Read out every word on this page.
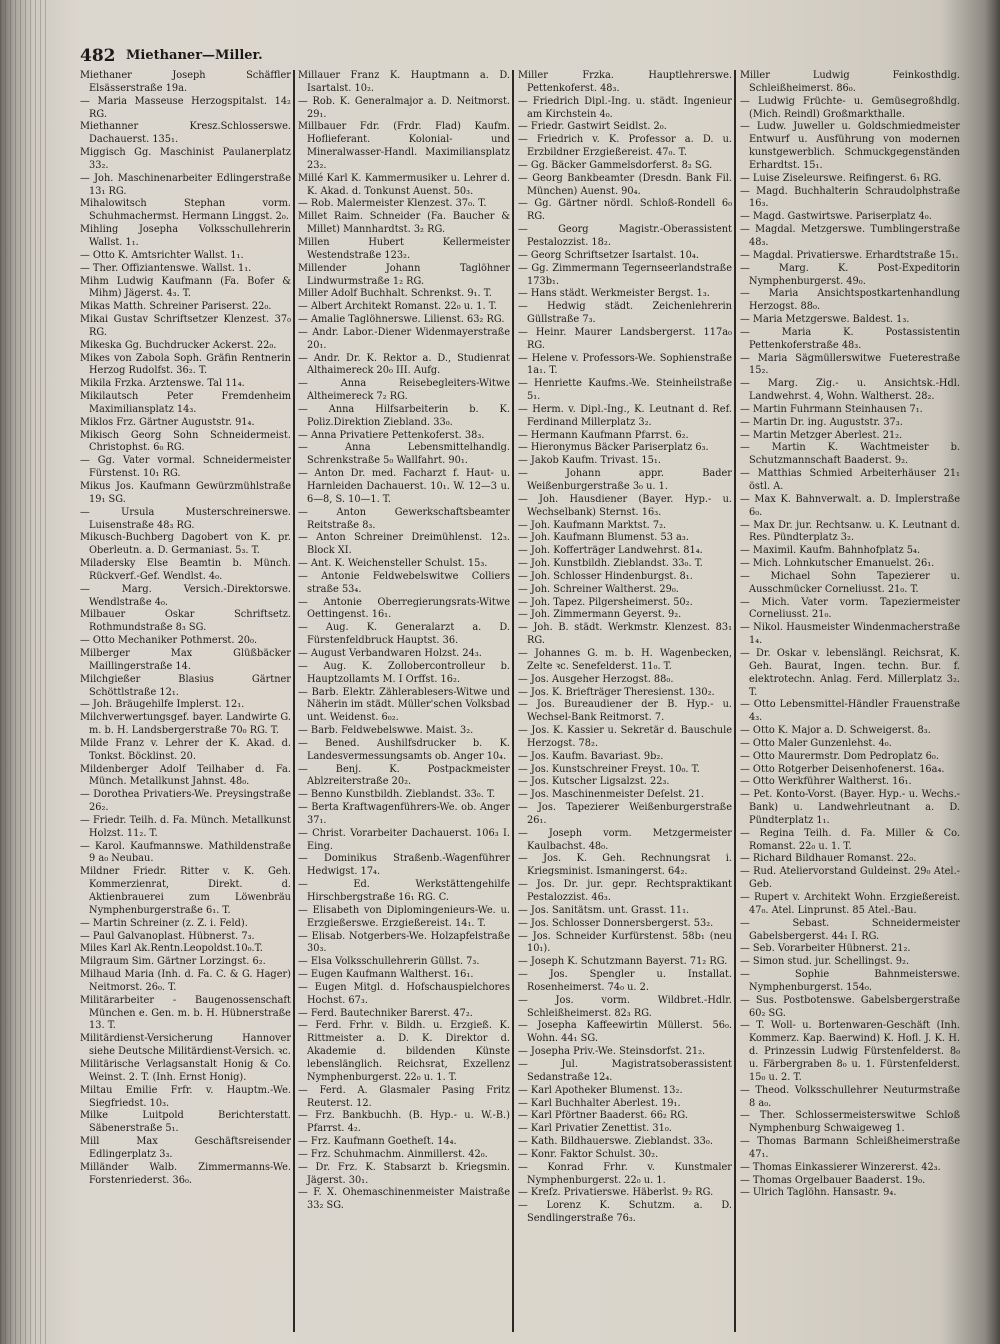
482 Miethaner—Miller.
Miethaner Joseph Schäffler Elsässerstraße 19a.
— Maria Masseuse Herzogspitalst. 14₂ RG.
Miethanner Kresz.Schlosserswe. Dachauerst. 135₁.
Miggisch Gg. Maschinist Paulanerplatz 33₂.
— Joh. Maschinenarbeiter Edlingerstraße 13₁ RG.
Mihalowitsch Stephan vorm. Schuhmachermst. Hermann Linggst. 2₀.
Mihling Josepha Volksschullehrerin Wallst. 1₁.
— Otto K. Amtsrichter Wallst. 1₁.
— Ther. Offiziantenswe. Wallst. 1₁.
Mihm Ludwig Kaufmann (Fa. Bofer & Mihm) Jägerst. 4₃. T.
Mikas Matth. Schreiner Pariserst. 22₀.
Mikai Gustav Schriftsetzer Klenzest. 37₀ RG.
Mikeska Gg. Buchdrucker Ackerst. 22₀.
Mikes von Zabola Soph. Gräfin Rentnerin Herzog Rudolfst. 36₂. T.
Mikila Frzka. Arztenswe. Tal 11₄.
Mikilautsch Peter Fremdenheim Maximiliansplatz 14₃.
Miklos Frz. Gärtner Auguststr. 91₄.
Mikisch Georg Sohn Schneidermeist. Christophst. 6₀ RG.
— Gg. Vater vormal. Schneidermeister Fürstenst. 10₁ RG.
Mikus Jos. Kaufmann Gewürzmühlstraße 19₁ SG.
— Ursula Musterschreinerswe. Luisenstraße 48₃ RG.
Mikusch-Buchberg Dagobert von K. pr. Oberleutn. a. D. Germaniast. 5₃. T.
Miladersky Else Beamtin b. Münch. Rückverf.-Gef. Wendlst. 4₀.
— Marg. Versich.-Direktorswe. Wendlstraße 4₀.
Milbauer Oskar Schriftsetz. Rothmundstraße 8₃ SG.
— Otto Mechaniker Pothmerst. 20₀.
Milberger Max Glüßbäcker Maillingerstraße 14.
Milchgießer Blasius Gärtner Schöttlstraße 12₁.
— Joh. Bräugehilfe Implerst. 12₁.
Milchverwertungsgef. bayer. Landwirte G. m. b. H. Landsbergerstraße 70₀ RG. T.
Milde Franz v. Lehrer der K. Akad. d. Tonkst. Böcklinst. 20.
Mildenberger Adolf Teilhaber d. Fa. Münch. Metallkunst Jahnst. 48₀.
— Dorothea Privatiers-We. Preysingstraße 26₂.
— Friedr. Teilh. d. Fa. Münch. Metallkunst Holzst. 11₂. T.
— Karol. Kaufmannswe. Mathildenstraße 9 a₀ Neubau.
Mildner Friedr. Ritter v. K. Geh. Kommerzienrat, Direkt. d. Aktienbrauerei zum Löwenbräu Nymphenburgerstraße 6₁. T.
— Martin Schreiner (z. Z. i. Feld).
— Paul Galvanoplast. Hübnerst. 7₃.
Miles Karl Ak.Rentn.Leopoldst.10₀.T.
Milgraum Sim. Gärtner Lorzingst. 6₂.
Milhaud Maria (Inh. d. Fa. C. & G. Hager) Neitmorst. 26₀. T.
Militärarbeiter - Baugenossenschaft München e. Gen. m. b. H. Hübnerstraße 13. T.
Militärdienst-Versicherung Hannover siehe Deutsche Militärdienst-Versich. ꝛc.
Militärische Verlagsanstalt Honig & Co. Weinst. 2. T. (Inh. Ernst Honig).
Miltau Emilie Frfr. v. Hauptm.-We. Siegfriedst. 10₃.
Milke Luitpold Berichterstatt. Säbenerstraße 5₁.
Mill Max Geschäftsreisender Edlingerplatz 3₃.
Milländer Walb. Zimmermanns-We. Forstenriederst. 36₀.
Millauer Franz K. Hauptmann a. D. Isartalst. 10₂.
— Rob. K. Generalmajor a. D. Neitmorst. 29₁.
Millbauer Fdr. (Frdr. Flad) Kaufm. Hoflieferant. Kolonial- und Mineralwasser-Handl. Maximiliansplatz 23₂.
Millé Karl K. Kammermusiker u. Lehrer d. K. Akad. d. Tonkunst Auenst. 50₃.
— Rob. Malermeister Klenzest. 37₀. T.
Millet Raim. Schneider (Fa. Baucher & Millet) Mannhardtst. 3₂ RG.
Millen Hubert Kellermeister Westendstraße 123₂.
Millender Johann Taglöhner Lindwurmstraße 1₂ RG.
Miller Adolf Buchhalt. Schrenkst. 9₁. T.
— Albert Architekt Romanst. 22₀ u. 1. T.
— Amalie Taglöhnerswe. Lilienst. 63₂ RG.
— Andr. Labor.-Diener Widenmayerstraße 20₁.
— Andr. Dr. K. Rektor a. D., Studienrat Althaimereck 20₀ III. Aufg.
— Anna Reisebegleiters-Witwe Altheimereck 7₂ RG.
— Anna Hilfsarbeiterin b. K. Poliz.Direktion Ziebland. 33₀.
— Anna Privatiere Pettenkoferst. 38₃.
— Anna Lebensmittelhandlg. Schrenkstraße 5₀ Wallfahrt. 90₁.
— Anton Dr. med. Facharzt f. Haut- u. Harnleiden Dachauerst. 10₁. W. 12—3 u. 6—8, S. 10—1. T.
— Anton Gewerkschaftsbeamter Reitstraße 8₃.
— Anton Schreiner Dreimühlenst. 12₃. Block XI.
— Ant. K. Weichensteller Schulst. 15₃.
— Antonie Feldwebelswitwe Colliers straße 53₄.
— Antonie Oberregierungsrats-Witwe Oettingenst. 16₁.
— Aug. K. Generalarzt a. D. Fürstenfeldbruck Hauptst. 36.
— August Verbandwaren Holzst. 24₃.
— Aug. K. Zollobercontrolleur b. Hauptzollamts M. I Orffst. 16₂.
— Barb. Elektr. Zählerablesers-Witwe und Näherin im städt. Müller'schen Volksbad unt. Weidenst. 6₀₂.
— Barb. Feldwebelswwe. Maist. 3₂.
— Bened. Aushilfsdrucker b. K. Landesvermessungsamts ob. Anger 10₄.
— Benj. K. Postpackmeister Ablzreiterstraße 20₂.
— Benno Kunstbildh. Zieblandst. 33₀. T.
— Berta Kraftwagenführers-We. ob. Anger 37₁.
— Christ. Vorarbeiter Dachauerst. 106₃ I. Eing.
— Dominikus Straßenb.-Wagenführer Hedwigst. 17₄.
— Ed. Werkstättengehilfe Hirschbergstraße 16₁ RG. C.
— Elisabeth von Diplomingenieurs-We. u. Erzgießerswe. Erzgießereist. 14₁. T.
— Elisab. Notgerbers-We. Holzapfelstraße 30₃.
— Elsa Volksschullehrerin Güllst. 7₃.
— Eugen Kaufmann Waltherst. 16₁.
— Eugen Mitgl. d. Hofschauspielchores Hochst. 67₃.
— Ferd. Bautechniker Barerst. 47₂.
— Ferd. Frhr. v. Bildh. u. Erzgieß. K. Rittmeister a. D. K. Direktor d. Akademie d. bildenden Künste lebenslänglich. Reichsrat, Exzellenz Nymphenburgerst. 22₀ u. 1. T.
— Ferd. A. Glasmaler Pasing Fritz Reuterst. 12.
— Frz. Bankbuchh. (B. Hyp.- u. W.-B.) Pfarrst. 4₂.
— Frz. Kaufmann Goetheſt. 14₄.
— Frz. Schuhmachm. Ainmillerst. 42₀.
— Dr. Frz. K. Stabsarzt b. Kriegsmin. Jägerst. 30₁.
— F. X. Ohemaschinenmeister Maistraße 33₂ SG.
Miller Frzka. Hauptlehrerswe. Pettenkoferst. 48₃.
— Friedrich Dipl.-Ing. u. städt. Ingenieur am Kirchstein 4₀.
— Friedr. Gastwirt Seidlst. 2₀.
— Friedrich v. K. Professor a. D. u. Erzbildner Erzgießereist. 47₀. T.
— Gg. Bäcker Gammelsdorferst. 8₂ SG.
— Georg Bankbeamter (Dresdn. Bank Fil. München) Auenst. 90₄.
— Gg. Gärtner nördl. Schloß-Rondell 6₀ RG.
— Georg Magistr.-Oberassistent Pestalozzist. 18₂.
— Georg Schriftsetzer Isartalst. 10₄.
— Gg. Zimmermann Tegernseerlandstraße 173b₁.
— Hans städt. Werkmeister Bergst. 1₃.
— Hedwig städt. Zeichenlehrerin Güllstraße 7₃.
— Heinr. Maurer Landsbergerst. 117a₀ RG.
— Helene v. Professors-We. Sophienstraße 1a₁. T.
— Henriette Kaufms.-We. Steinheilstraße 5₁.
— Herm. v. Dipl.-Ing., K. Leutnant d. Ref. Ferdinand Millerplatz 3₂.
— Hermann Kaufmann Pfarrst. 6₂.
— Hieronymus Bäcker Pariserplatz 6₃.
— Jakob Kaufm. Trivast. 15₁.
— Johann appr. Bader Weißenburgerstraße 3₀ u. 1.
— Joh. Hausdiener (Bayer. Hyp.- u. Wechselbank) Sternst. 16₃.
— Joh. Kaufmann Marktst. 7₂.
— Joh. Kaufmann Blumenst. 53 a₃.
— Joh. Kofferträger Landwehrst. 81₄.
— Joh. Kunstbildh. Zieblandst. 33₀. T.
— Joh. Schlosser Hindenburgst. 8₁.
— Joh. Schreiner Waltherst. 29₀.
— Joh. Tapez. Pilgersheimerst. 50₂.
— Joh. Zimmermann Geyerst. 9₂.
— Joh. B. städt. Werkmstr. Klenzest. 83₁ RG.
— Johannes G. m. b. H. Wagenbecken, Zelte ꝛc. Senefelderst. 11₀. T.
— Jos. Ausgeher Herzogst. 88₀.
— Jos. K. Briefträger Theresienst. 130₂.
— Jos. Bureaudiener der B. Hyp.- u. Wechsel-Bank Reitmorst. 7.
— Jos. K. Kassier u. Sekretär d. Bauschule Herzogst. 78₂.
— Jos. Kaufm. Bavariast. 9b₂.
— Jos. Kunstschreiner Freyst. 10₀. T.
— Jos. Kutscher Ligsalzst. 22₃.
— Jos. Maschinenmeister Deſelst. 21.
— Jos. Tapezierer Weißenburgerstraße 26₁.
— Joseph vorm. Metzgermeister Kaulbachst. 48₀.
— Jos. K. Geh. Rechnungsrat i. Kriegsminist. Ismaningerst. 64₂.
— Jos. Dr. jur. gepr. Rechtspraktikant Pestalozzist. 46₃.
— Jos. Sanitätsm. unt. Grasst. 11₁.
— Jos. Schlosser Donnersbergerst. 53₂.
— Jos. Schneider Kurfürstenst. 58b₁ (neu 10₁).
— Joseph K. Schutzmann Bayerst. 71₂ RG.
— Jos. Spengler u. Installat. Rosenheimerst. 74₀ u. 2.
— Jos. vorm. Wildbret.-Hdlr. Schleißheimerst. 82₃ RG.
— Josepha Kaffeewirtin Müllerst. 56₀. Wohn. 44₁ SG.
— Josepha Priv.-We. Steinsdorfst. 21₂.
— Jul. Magistratsoberassistent Sedanstraße 12₄.
— Karl Apotheker Blumenst. 13₂.
— Karl Buchhalter Aberlest. 19₁.
— Karl Pförtner Baaderst. 66₂ RG.
— Karl Privatier Zenettist. 31₀.
— Kath. Bildhauerswe. Zieblandst. 33₀.
— Konr. Faktor Schulst. 30₂.
— Konrad Frhr. v. Kunstmaler Nymphenburgerst. 22₀ u. 1.
— Kreſz. Privatierswe. Häberlst. 9₂ RG.
— Lorenz K. Schutzm. a. D. Sendlingerstraße 76₃.
Miller Ludwig Feinkosthdlg. Schleißheimerst. 86₀.
— Ludwig Früchte- u. Gemüsegroßhdlg. (Mich. Reindl) Großmarkthalle.
— Ludw. Juweller u. Goldschmiedmeister Entwurf u. Ausführung von modernen kunstgewerblich. Schmuckgegenständen Erhardtst. 15₁.
— Luise Ziseleurswe. Reifingerst. 6₁ RG.
— Magd. Buchhalterin Schraudolphstraße 16₃.
— Magd. Gastwirtswe. Pariserplatz 4₀.
— Magdal. Metzgerswe. Tumblingerstraße 48₃.
— Magdal. Privatierswe. Erhardtstraße 15₁.
— Marg. K. Post-Expeditorin Nymphenburgerst. 49₀.
— Maria Ansichtspostkartenhandlung Herzogst. 88₀.
— Maria Metzgerswe. Baldest. 1₃.
— Maria K. Postassistentin Pettenkoferstraße 48₃.
— Maria Sägmüllerswitwe Fueterestraße 15₂.
— Marg. Zig.- u. Ansichtsk.-Hdl. Landwehrst. 4, Wohn. Waltherst. 28₂.
— Martin Fuhrmann Steinhausen 7₁.
— Martin Dr. ing. Auguststr. 37₃.
— Martin Metzger Aberlest. 21₂.
— Martin K. Wachtmeister b. Schutzmannschaft Baaderst. 9₂.
— Matthias Schmied Arbeiterhäuser 21₁ östl. A.
— Max K. Bahnverwalt. a. D. Implerstraße 6₀.
— Max Dr. jur. Rechtsanw. u. K. Leutnant d. Res. Pündterplatz 3₂.
— Maximil. Kaufm. Bahnhofplatz 5₄.
— Mich. Lohnkutscher Emanuelst. 26₁.
— Michael Sohn Tapezierer u. Ausschmücker Corneliusst. 21₀. T.
— Mich. Vater vorm. Tapeziermeister Corneliusst. 21₀.
— Nikol. Hausmeister Windenmacherstraße 1₄.
— Dr. Oskar v. lebenslängl. Reichsrat, K. Geh. Baurat, Ingen. techn. Bur. f. elektrotechn. Anlag. Ferd. Millerplatz 3₂. T.
— Otto Lebensmittel-Händler Frauenstraße 4₃.
— Otto K. Major a. D. Schweigerst. 8₃.
— Otto Maler Gunzenlehst. 4₀.
— Otto Maurermstr. Dom Pedroplatz 6₀.
— Otto Rotgerber Deisenhofenerst. 16a₄.
— Otto Werkführer Waltherst. 16₁.
— Pet. Konto-Vorst. (Bayer. Hyp.- u. Wechs.-Bank) u. Landwehrleutnant a. D. Pündterplatz 1₁.
— Regina Teilh. d. Fa. Miller & Co. Romanst. 22₀ u. 1. T.
— Richard Bildhauer Romanst. 22₀.
— Rud. Ateliervorstand Guldeinst. 29₀ Atel.-Geb.
— Rupert v. Architekt Wohn. Erzgießereist. 47₀. Atel. Linprunst. 85 Atel.-Bau.
— Sebast. Schneidermeister Gabelsbergerst. 44₁ I. RG.
— Seb. Vorarbeiter Hübnerst. 21₂.
— Simon stud. jur. Schellingst. 9₂.
— Sophie Bahnmeisterswe. Nymphenburgerst. 154₀.
— Sus. Postbotenswe. Gabelsbergerstraße 60₂ SG.
— T. Woll- u. Bortenwaren-Geschäft (Inh. Kommerz. Kap. Baerwind) K. Hofl. J. K. H. d. Prinzessin Ludwig Fürstenfelderst. 8₀ u. Färbergraben 8₀ u. 1. Fürstenfelderst. 15₀ u. 2. T.
— Theod. Volksschullehrer Neuturmstraße 8 a₀.
— Ther. Schlossermeisterswitwe Schloß Nymphenburg Schwaigeweg 1.
— Thomas Barmann Schleißheimerstraße 47₁.
— Thomas Einkassierer Winzererst. 42₃.
— Thomas Orgelbauer Baaderst. 19₀.
— Ulrich Taglöhn. Hansastr. 9₄.
